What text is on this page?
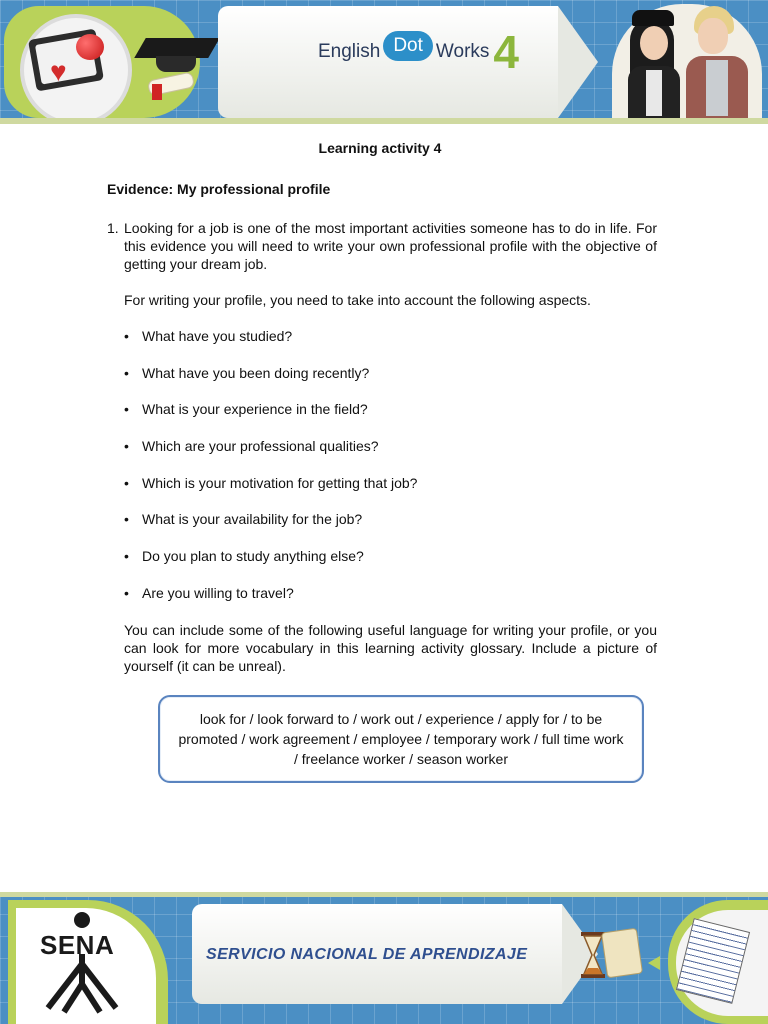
♥
English Dot Works 4
Learning activity 4
Evidence: My professional profile
1. Looking for a job is one of the most important activities someone has to do in life. For this evidence you will need to write your own professional profile with the objective of getting your dream job.
For writing your profile, you need to take into account the following aspects.
• What have you studied?
• What have you been doing recently?
• What is your experience in the field?
• Which are your professional qualities?
• Which is your motivation for getting that job?
• What is your availability for the job?
• Do you plan to study anything else?
• Are you willing to travel?
You can include some of the following useful language for writing your profile, or you can look for more vocabulary in this learning activity glossary. Include a picture of yourself (it can be unreal).
look for / look forward to / work out / experience / apply for / to be promoted / work agreement / employee / temporary work / full time work / freelance worker / season worker
SENA	SERVICIO NACIONAL DE APRENDIZAJE
